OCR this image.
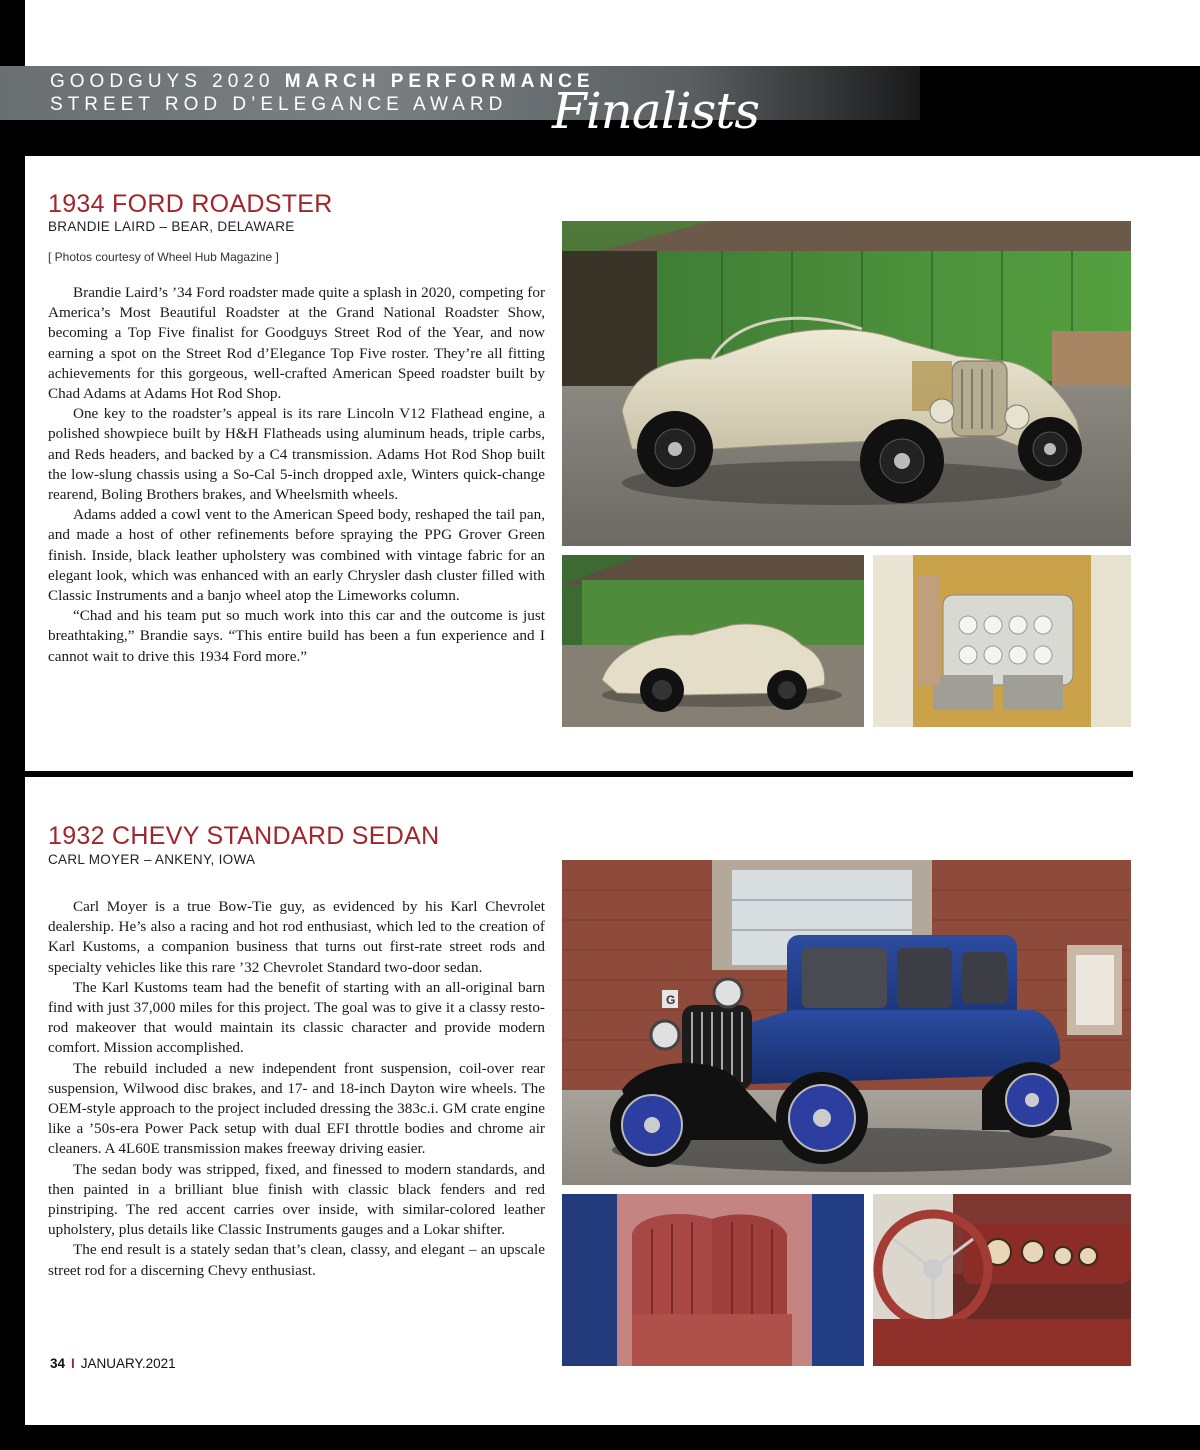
GOODGUYS 2020 MARCH PERFORMANCE
STREET ROD D’ELEGANCE AWARD Finalists
1934 FORD ROADSTER
BRANDIE LAIRD – BEAR, DELAWARE
[ Photos courtesy of Wheel Hub Magazine ]

Brandie Laird’s ’34 Ford roadster made quite a splash in 2020, competing for America’s Most Beautiful Roadster at the Grand National Roadster Show, becoming a Top Five finalist for Goodguys Street Rod of the Year, and now earning a spot on the Street Rod d’Elegance Top Five roster. They’re all fitting achievements for this gorgeous, well-crafted American Speed roadster built by Chad Adams at Adams Hot Rod Shop.

One key to the roadster’s appeal is its rare Lincoln V12 Flathead engine, a polished showpiece built by H&H Flatheads using aluminum heads, triple carbs, and Reds headers, and backed by a C4 transmission. Adams Hot Rod Shop built the low-slung chassis using a So-Cal 5-inch dropped axle, Winters quick-change rearend, Boling Brothers brakes, and Wheelsmith wheels.

Adams added a cowl vent to the American Speed body, reshaped the tail pan, and made a host of other refinements before spraying the PPG Grover Green finish. Inside, black leather upholstery was combined with vintage fabric for an elegant look, which was enhanced with an early Chrysler dash cluster filled with Classic Instruments and a banjo wheel atop the Limeworks column.

“Chad and his team put so much work into this car and the outcome is just breathtaking,” Brandie says. “This entire build has been a fun experience and I cannot wait to drive this 1934 Ford more.”

1932 CHEVY STANDARD SEDAN
CARL MOYER – ANKENY, IOWA

Carl Moyer is a true Bow-Tie guy, as evidenced by his Karl Chevrolet dealership. He’s also a racing and hot rod enthusiast, which led to the creation of Karl Kustoms, a companion business that turns out first-rate street rods and specialty vehicles like this rare ’32 Chevrolet Standard two-door sedan.

The Karl Kustoms team had the benefit of starting with an all-original barn find with just 37,000 miles for this project. The goal was to give it a classy resto-rod makeover that would maintain its classic character and provide modern comfort. Mission accomplished.

The rebuild included a new independent front suspension, coil-over rear suspension, Wilwood disc brakes, and 17- and 18-inch Dayton wire wheels. The OEM-style approach to the project included dressing the 383c.i. GM crate engine like a ’50s-era Power Pack setup with dual EFI throttle bodies and chrome air cleaners. A 4L60E transmission makes freeway driving easier.

The sedan body was stripped, fixed, and finessed to modern standards, and then painted in a brilliant blue finish with classic black fenders and red pinstriping. The red accent carries over inside, with similar-colored leather upholstery, plus details like Classic Instruments gauges and a Lokar shifter.

The end result is a stately sedan that’s clean, classy, and elegant – an upscale street rod for a discerning Chevy enthusiast.

G
34 I JANUARY.2021
